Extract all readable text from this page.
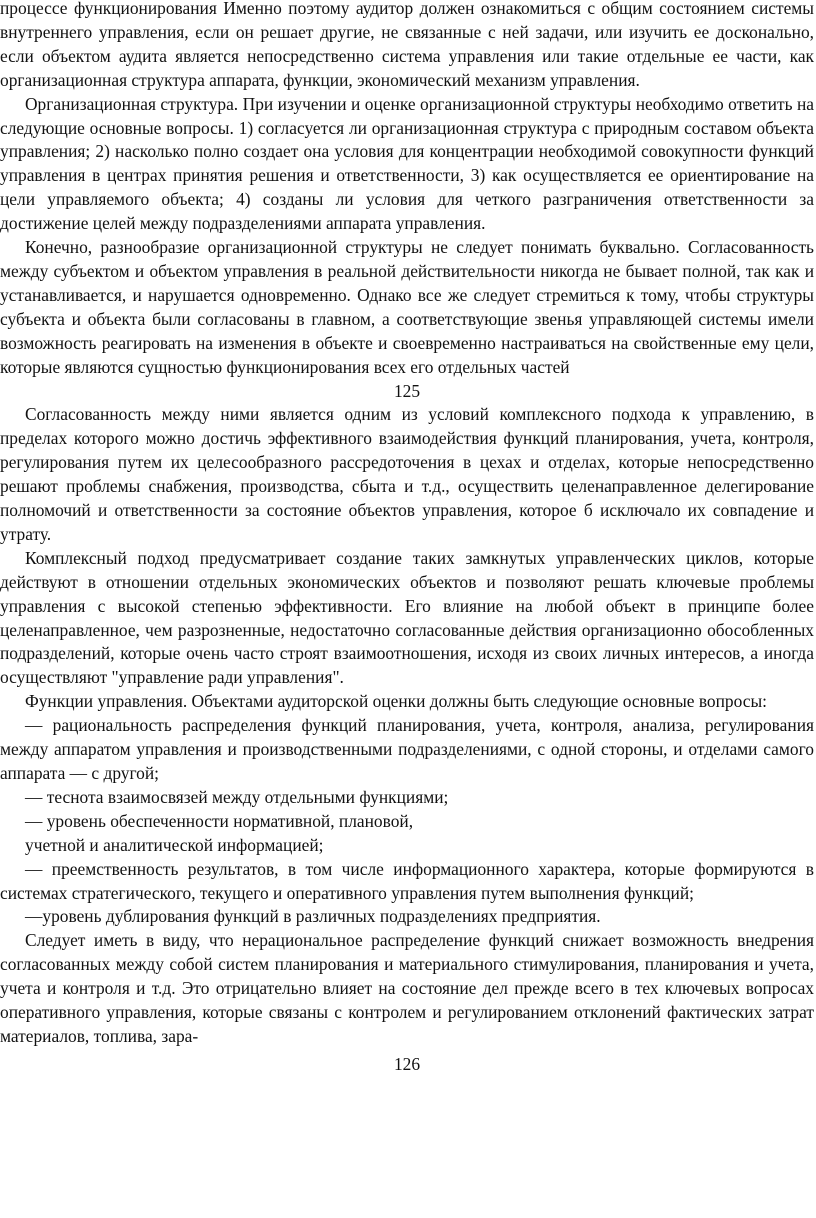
процессе функционирования Именно поэтому аудитор должен ознакомиться с общим состоянием системы внутреннего управления, если он решает другие, не связанные с ней задачи, или изучить ее досконально, если объектом аудита является непосредственно система управления или такие отдельные ее части, как организационная структура аппарата, функции, экономический механизм управления.

Организационная структура. При изучении и оценке организационной структуры необходимо ответить на следующие основные вопросы. 1) согласуется ли организационная структура с природным составом объекта управления; 2) насколько полно создает она условия для концентрации необходимой совокупности функций управления в центрах принятия решения и ответственности, 3) как осуществляется ее ориентирование на цели управляемого объекта; 4) созданы ли условия для четкого разграничения ответственности за достижение целей между подразделениями аппарата управления.

Конечно, разнообразие организационной структуры не следует понимать буквально. Согласованность между субъектом и объектом управления в реальной действительности никогда не бывает полной, так как и устанавливается, и нарушается одновременно. Однако все же следует стремиться к тому, чтобы структуры субъекта и объекта были согласованы в главном, а соответствующие звенья управляющей системы имели возможность реагировать на изменения в объекте и своевременно настраиваться на свойственные ему цели, которые являются сущностью функционирования всех его отдельных частей

125

Согласованность между ними является одним из условий комплексного подхода к управлению, в пределах которого можно достичь эффективного взаимодействия функций планирования, учета, контроля, регулирования путем их целесообразного рассредоточения в цехах и отделах, которые непосредственно решают проблемы снабжения, производства, сбыта и т.д., осуществить целенаправленное делегирование полномочий и ответственности за состояние объектов управления, которое б исключало их совпадение и утрату.

Комплексный подход предусматривает создание таких замкнутых управленческих циклов, которые действуют в отношении отдельных экономических объектов и позволяют решать ключевые проблемы управления с высокой степенью эффективности. Его влияние на любой объект в принципе более целенаправленное, чем разрозненные, недостаточно согласованные действия организационно обособленных подразделений, которые очень часто строят взаимоотношения, исходя из своих личных интересов, а иногда осуществляют "управление ради управления".

Функции управления. Объектами аудиторской оценки должны быть следующие основные вопросы:

— рациональность распределения функций планирования, учета, контроля, анализа, регулирования между аппаратом управления и производственными подразделениями, с одной стороны, и отделами самого аппарата — с другой;

— теснота взаимосвязей между отдельными функциями;

— уровень обеспеченности нормативной, плановой,

учетной и аналитической информацией;

— преемственность результатов, в том числе информационного характера, которые формируются в системах стратегического, текущего и оперативного управления путем выполнения функций;

—уровень дублирования функций в различных подразделениях предприятия.

Следует иметь в виду, что нерациональное распределение функций снижает возможность внедрения согласованных между собой систем планирования и материального стимулирования, планирования и учета, учета и контроля и т.д. Это отрицательно влияет на состояние дел прежде всего в тех ключевых вопросах оперативного управления, которые связаны с контролем и регулированием отклонений фактических затрат материалов, топлива, зара-

126
